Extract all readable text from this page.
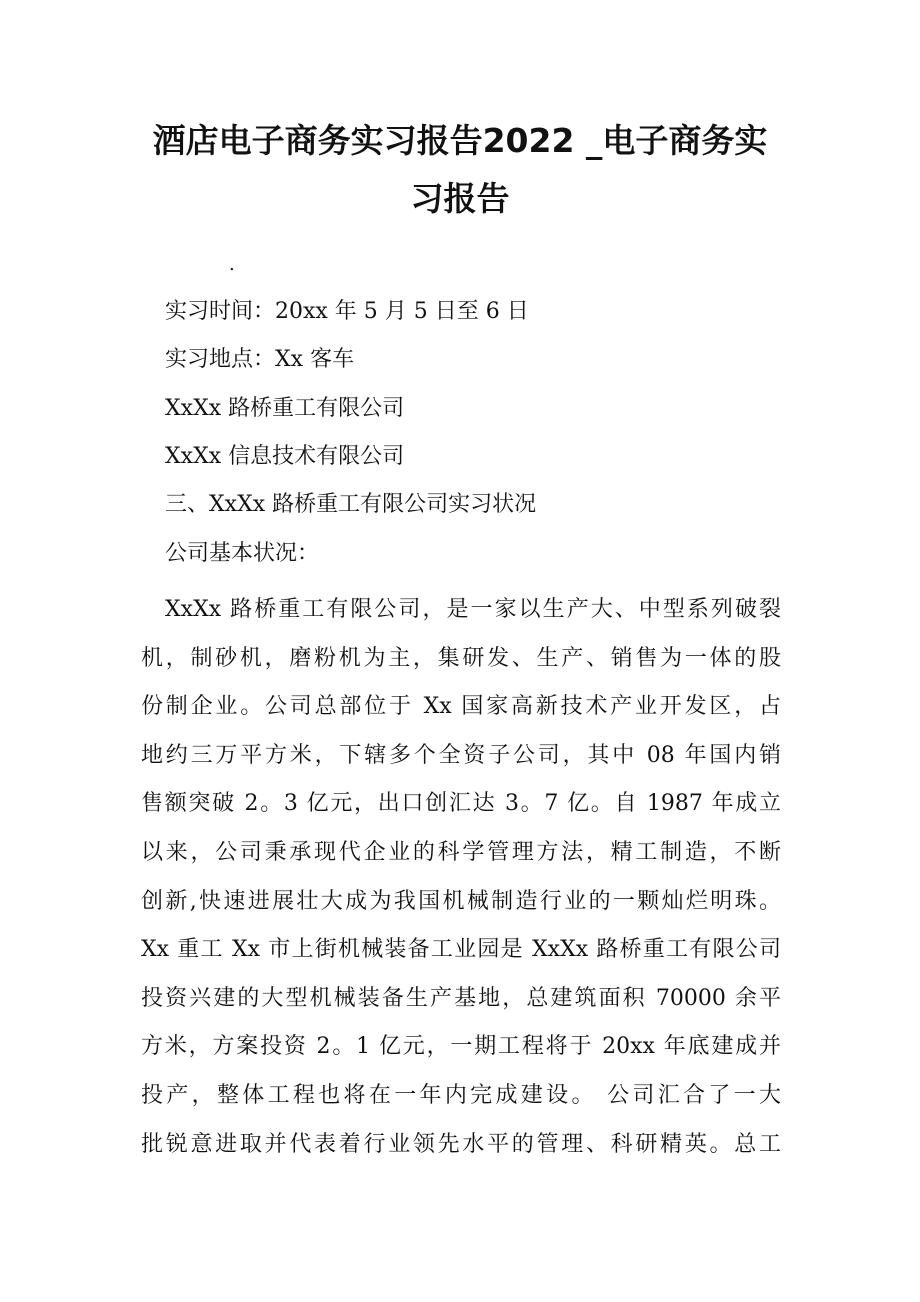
酒店电子商务实习报告2022 _电子商务实
习报告
.
实习时间：20xx 年 5 月 5 日至 6 日
实习地点：Xx 客车
XxXx 路桥重工有限公司
XxXx 信息技术有限公司
三、XxXx 路桥重工有限公司实习状况
公司基本状况：
XxXx 路桥重工有限公司，是一家以生产大、中型系列破裂
机，制砂机，磨粉机为主，集研发、生产、销售为一体的股
份制企业。公司总部位于 Xx 国家高新技术产业开发区，占
地约三万平方米，下辖多个全资子公司，其中 08 年国内销
售额突破 2。3 亿元，出口创汇达 3。7 亿。自 1987 年成立
以来，公司秉承现代企业的科学管理方法，精工制造，不断
创新,快速进展壮大成为我国机械制造行业的一颗灿烂明珠。
Xx 重工 Xx 市上街机械装备工业园是 XxXx 路桥重工有限公司
投资兴建的大型机械装备生产基地，总建筑面积 70000 余平
方米，方案投资 2。1 亿元，一期工程将于 20xx 年底建成并
投产，整体工程也将在一年内完成建设。 公司汇合了一大
批锐意进取并代表着行业领先水平的管理、科研精英。总工
